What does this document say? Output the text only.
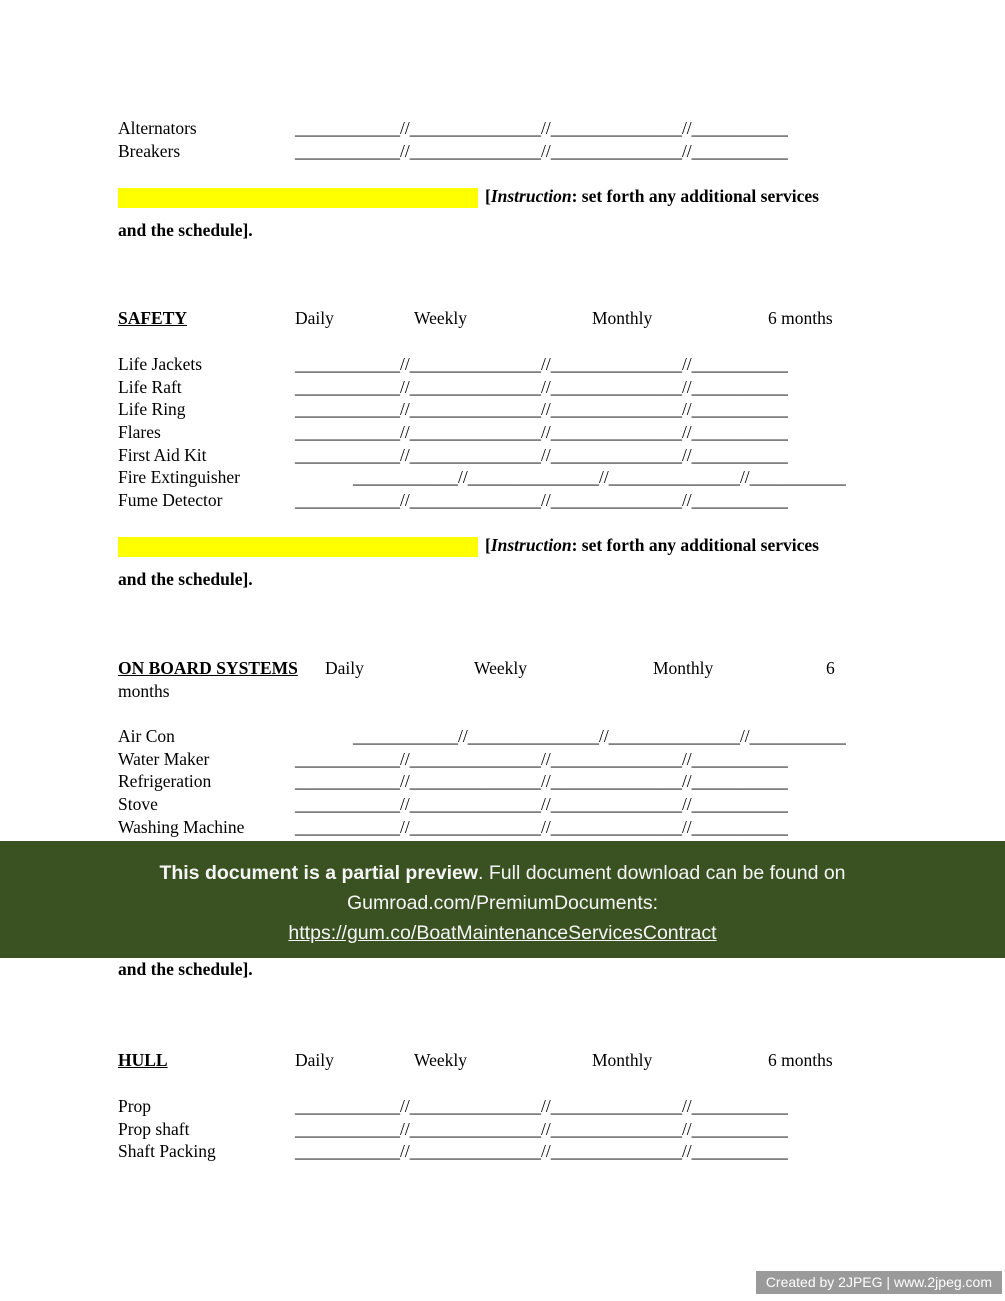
Alternators	____________//_______________//_______________//___________
Breakers	____________//_______________//_______________//___________
[Instruction: set forth any additional services
and the schedule].
SAFETY	Daily	Weekly	Monthly	6 months
Life Jackets	____________//_______________//_______________//___________
Life Raft	____________//_______________//_______________//___________
Life Ring	____________//_______________//_______________//___________
Flares	____________//_______________//_______________//___________
First Aid Kit	____________//_______________//_______________//___________
Fire Extinguisher	____________//_______________//_______________//___________
Fume Detector	____________//_______________//_______________//___________
[Instruction: set forth any additional services
and the schedule].
ON BOARD SYSTEMS	Daily	Weekly	Monthly	6
months
Air Con	____________//_______________//_______________//___________
Water Maker	____________//_______________//_______________//___________
Refrigeration	____________//_______________//_______________//___________
Stove	____________//_______________//_______________//___________
Washing Machine	____________//_______________//_______________//___________
This document is a partial preview. Full document download can be found on
Gumroad.com/PremiumDocuments:
https://gum.co/BoatMaintenanceServicesContract
and the schedule].
HULL	Daily	Weekly	Monthly	6 months
Prop	____________//_______________//_______________//___________
Prop shaft	____________//_______________//_______________//___________
Shaft Packing	____________//_______________//_______________//___________
Created by 2JPEG | www.2jpeg.com
